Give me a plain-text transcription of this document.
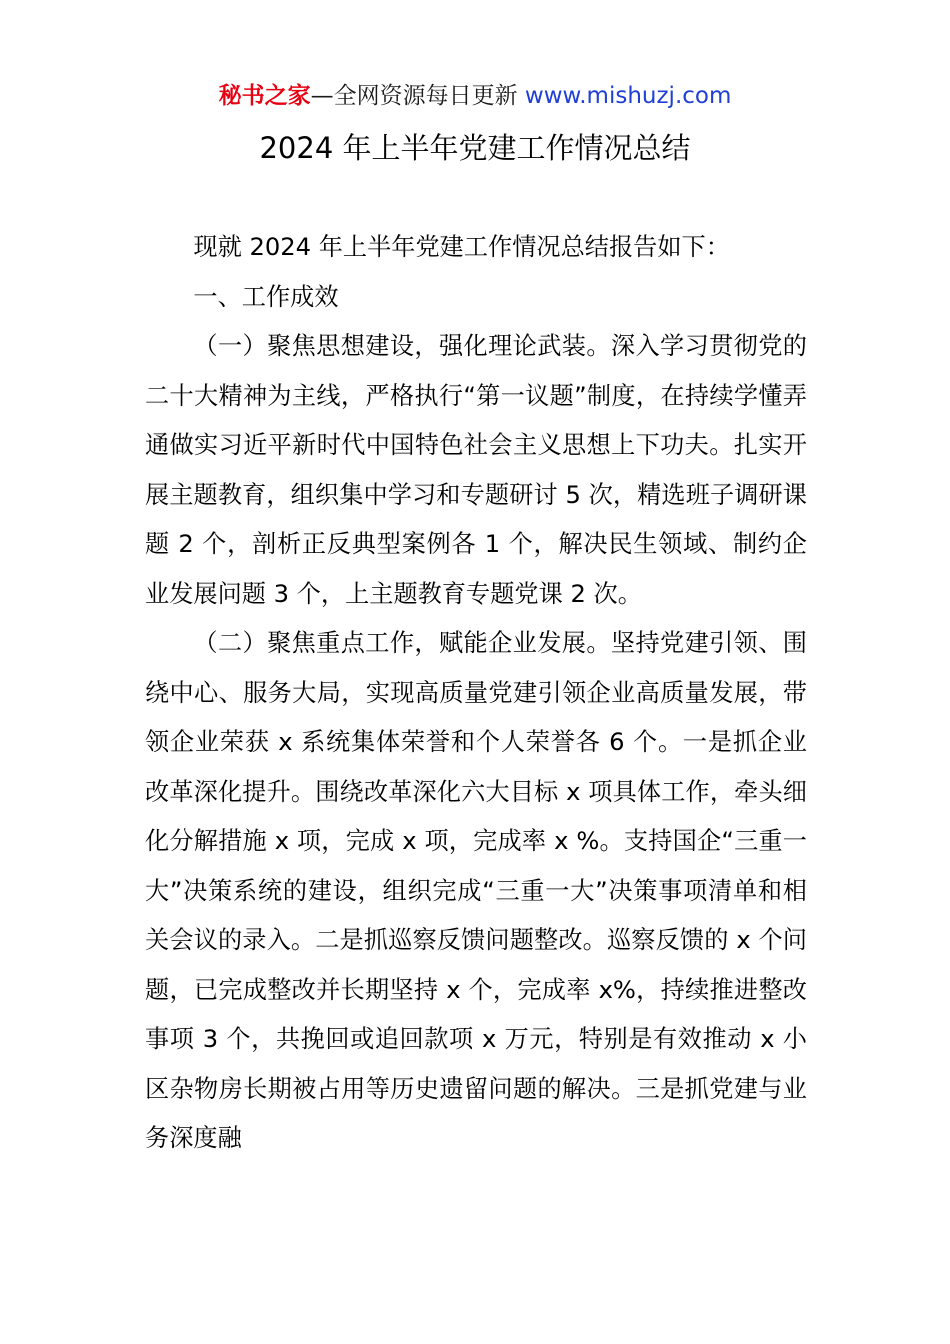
秘书之家—全网资源每日更新 www.mishuzj.com
2024 年上半年党建工作情况总结

现就 2024 年上半年党建工作情况总结报告如下：

一、工作成效

（一）聚焦思想建设，强化理论武装。深入学习贯彻党的二十大精神为主线，严格执行“第一议题”制度，在持续学懂弄通做实习近平新时代中国特色社会主义思想上下功夫。扎实开展主题教育，组织集中学习和专题研讨 5 次，精选班子调研课题 2 个，剖析正反典型案例各 1 个，解决民生领域、制约企业发展问题 3 个，上主题教育专题党课 2 次。

（二）聚焦重点工作，赋能企业发展。坚持党建引领、围绕中心、服务大局，实现高质量党建引领企业高质量发展，带领企业荣获 x 系统集体荣誉和个人荣誉各 6 个。一是抓企业改革深化提升。围绕改革深化六大目标 x 项具体工作，牵头细化分解措施 x 项，完成 x 项，完成率 x %。支持国企“三重一大”决策系统的建设，组织完成“三重一大”决策事项清单和相关会议的录入。二是抓巡察反馈问题整改。巡察反馈的 x 个问题，已完成整改并长期坚持 x 个，完成率 x%，持续推进整改事项 3 个，共挽回或追回款项 x 万元，特别是有效推动 x 小区杂物房长期被占用等历史遗留问题的解决。三是抓党建与业务深度融
